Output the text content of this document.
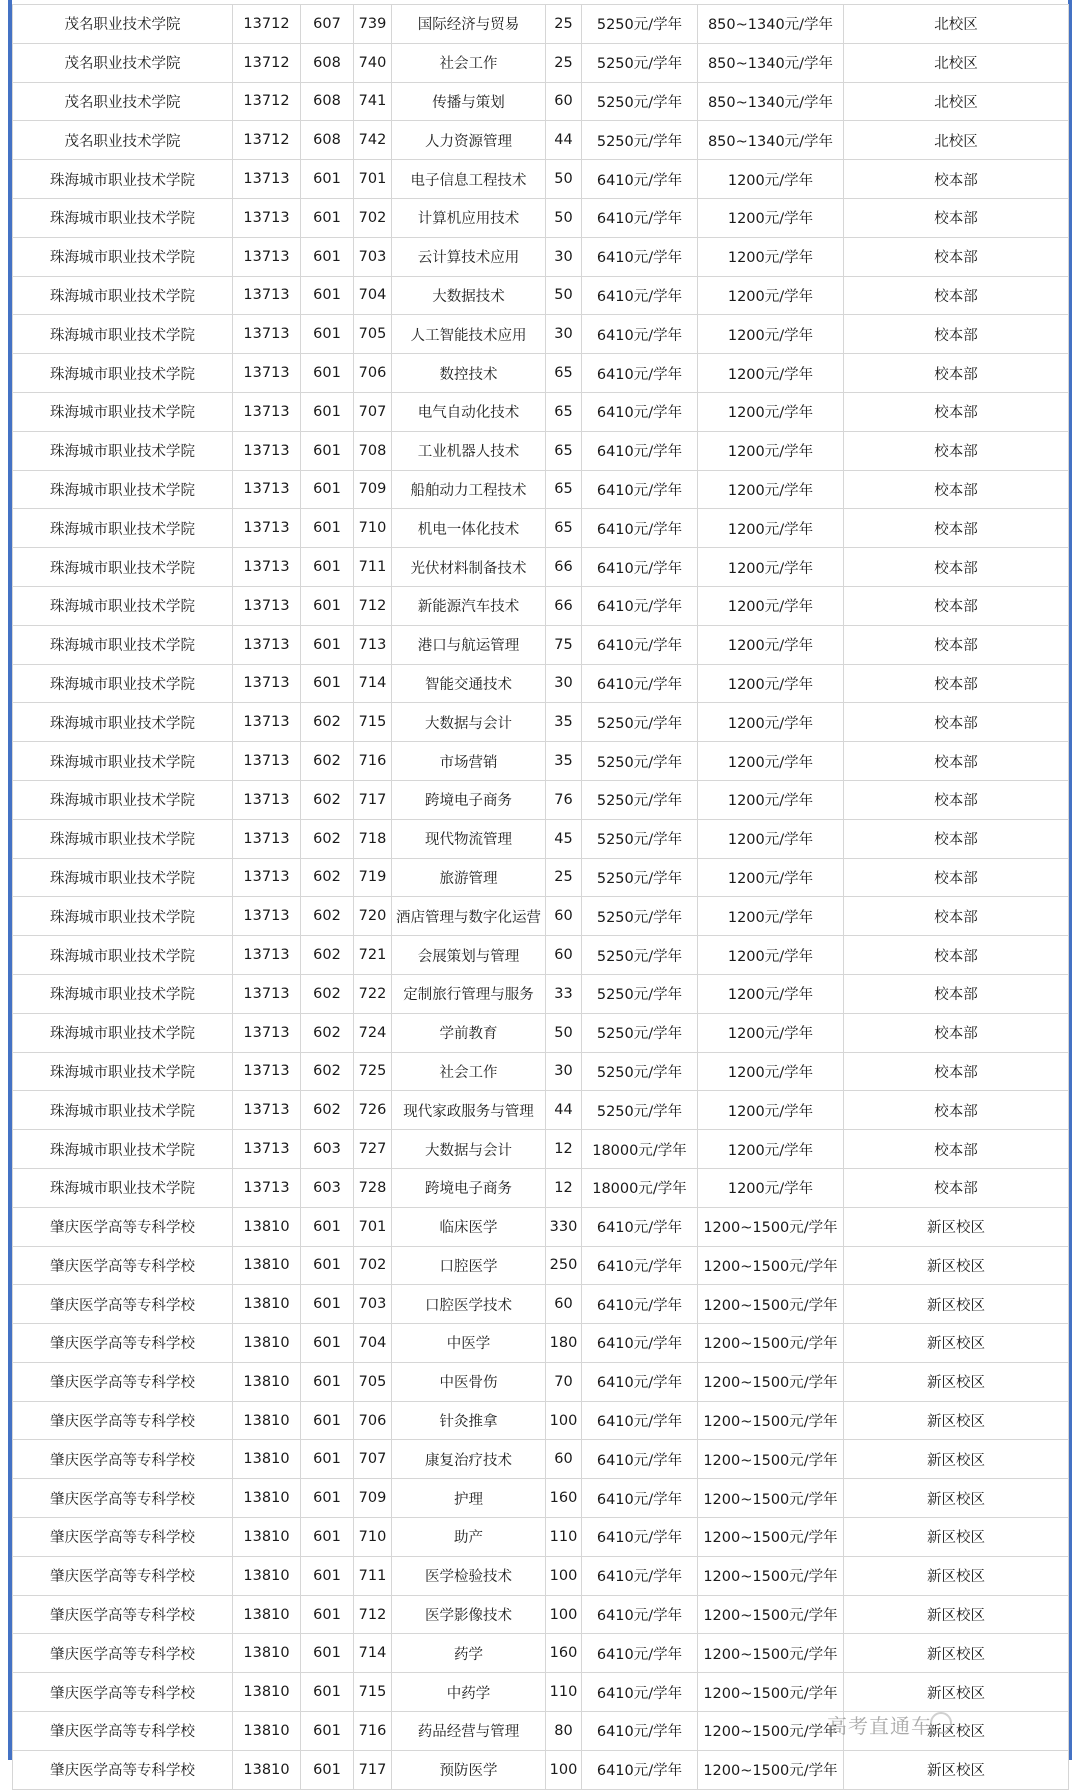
茂名职业技术学院	13712	607	739	国际经济与贸易	25	5250元/学年	850~1340元/学年	北校区
茂名职业技术学院	13712	608	740	社会工作	25	5250元/学年	850~1340元/学年	北校区
茂名职业技术学院	13712	608	741	传播与策划	60	5250元/学年	850~1340元/学年	北校区
茂名职业技术学院	13712	608	742	人力资源管理	44	5250元/学年	850~1340元/学年	北校区
珠海城市职业技术学院	13713	601	701	电子信息工程技术	50	6410元/学年	1200元/学年	校本部
珠海城市职业技术学院	13713	601	702	计算机应用技术	50	6410元/学年	1200元/学年	校本部
珠海城市职业技术学院	13713	601	703	云计算技术应用	30	6410元/学年	1200元/学年	校本部
珠海城市职业技术学院	13713	601	704	大数据技术	50	6410元/学年	1200元/学年	校本部
珠海城市职业技术学院	13713	601	705	人工智能技术应用	30	6410元/学年	1200元/学年	校本部
珠海城市职业技术学院	13713	601	706	数控技术	65	6410元/学年	1200元/学年	校本部
珠海城市职业技术学院	13713	601	707	电气自动化技术	65	6410元/学年	1200元/学年	校本部
珠海城市职业技术学院	13713	601	708	工业机器人技术	65	6410元/学年	1200元/学年	校本部
珠海城市职业技术学院	13713	601	709	船舶动力工程技术	65	6410元/学年	1200元/学年	校本部
珠海城市职业技术学院	13713	601	710	机电一体化技术	65	6410元/学年	1200元/学年	校本部
珠海城市职业技术学院	13713	601	711	光伏材料制备技术	66	6410元/学年	1200元/学年	校本部
珠海城市职业技术学院	13713	601	712	新能源汽车技术	66	6410元/学年	1200元/学年	校本部
珠海城市职业技术学院	13713	601	713	港口与航运管理	75	6410元/学年	1200元/学年	校本部
珠海城市职业技术学院	13713	601	714	智能交通技术	30	6410元/学年	1200元/学年	校本部
珠海城市职业技术学院	13713	602	715	大数据与会计	35	5250元/学年	1200元/学年	校本部
珠海城市职业技术学院	13713	602	716	市场营销	35	5250元/学年	1200元/学年	校本部
珠海城市职业技术学院	13713	602	717	跨境电子商务	76	5250元/学年	1200元/学年	校本部
珠海城市职业技术学院	13713	602	718	现代物流管理	45	5250元/学年	1200元/学年	校本部
珠海城市职业技术学院	13713	602	719	旅游管理	25	5250元/学年	1200元/学年	校本部
珠海城市职业技术学院	13713	602	720	酒店管理与数字化运营	60	5250元/学年	1200元/学年	校本部
珠海城市职业技术学院	13713	602	721	会展策划与管理	60	5250元/学年	1200元/学年	校本部
珠海城市职业技术学院	13713	602	722	定制旅行管理与服务	33	5250元/学年	1200元/学年	校本部
珠海城市职业技术学院	13713	602	724	学前教育	50	5250元/学年	1200元/学年	校本部
珠海城市职业技术学院	13713	602	725	社会工作	30	5250元/学年	1200元/学年	校本部
珠海城市职业技术学院	13713	602	726	现代家政服务与管理	44	5250元/学年	1200元/学年	校本部
珠海城市职业技术学院	13713	603	727	大数据与会计	12	18000元/学年	1200元/学年	校本部
珠海城市职业技术学院	13713	603	728	跨境电子商务	12	18000元/学年	1200元/学年	校本部
肇庆医学高等专科学校	13810	601	701	临床医学	330	6410元/学年	1200~1500元/学年	新区校区
肇庆医学高等专科学校	13810	601	702	口腔医学	250	6410元/学年	1200~1500元/学年	新区校区
肇庆医学高等专科学校	13810	601	703	口腔医学技术	60	6410元/学年	1200~1500元/学年	新区校区
肇庆医学高等专科学校	13810	601	704	中医学	180	6410元/学年	1200~1500元/学年	新区校区
肇庆医学高等专科学校	13810	601	705	中医骨伤	70	6410元/学年	1200~1500元/学年	新区校区
肇庆医学高等专科学校	13810	601	706	针灸推拿	100	6410元/学年	1200~1500元/学年	新区校区
肇庆医学高等专科学校	13810	601	707	康复治疗技术	60	6410元/学年	1200~1500元/学年	新区校区
肇庆医学高等专科学校	13810	601	709	护理	160	6410元/学年	1200~1500元/学年	新区校区
肇庆医学高等专科学校	13810	601	710	助产	110	6410元/学年	1200~1500元/学年	新区校区
肇庆医学高等专科学校	13810	601	711	医学检验技术	100	6410元/学年	1200~1500元/学年	新区校区
肇庆医学高等专科学校	13810	601	712	医学影像技术	100	6410元/学年	1200~1500元/学年	新区校区
肇庆医学高等专科学校	13810	601	714	药学	160	6410元/学年	1200~1500元/学年	新区校区
肇庆医学高等专科学校	13810	601	715	中药学	110	6410元/学年	1200~1500元/学年	新区校区
肇庆医学高等专科学校	13810	601	716	药品经营与管理	80	6410元/学年	1200~1500元/学年	新区校区
肇庆医学高等专科学校	13810	601	717	预防医学	100	6410元/学年	1200~1500元/学年	新区校区
高考直通车
